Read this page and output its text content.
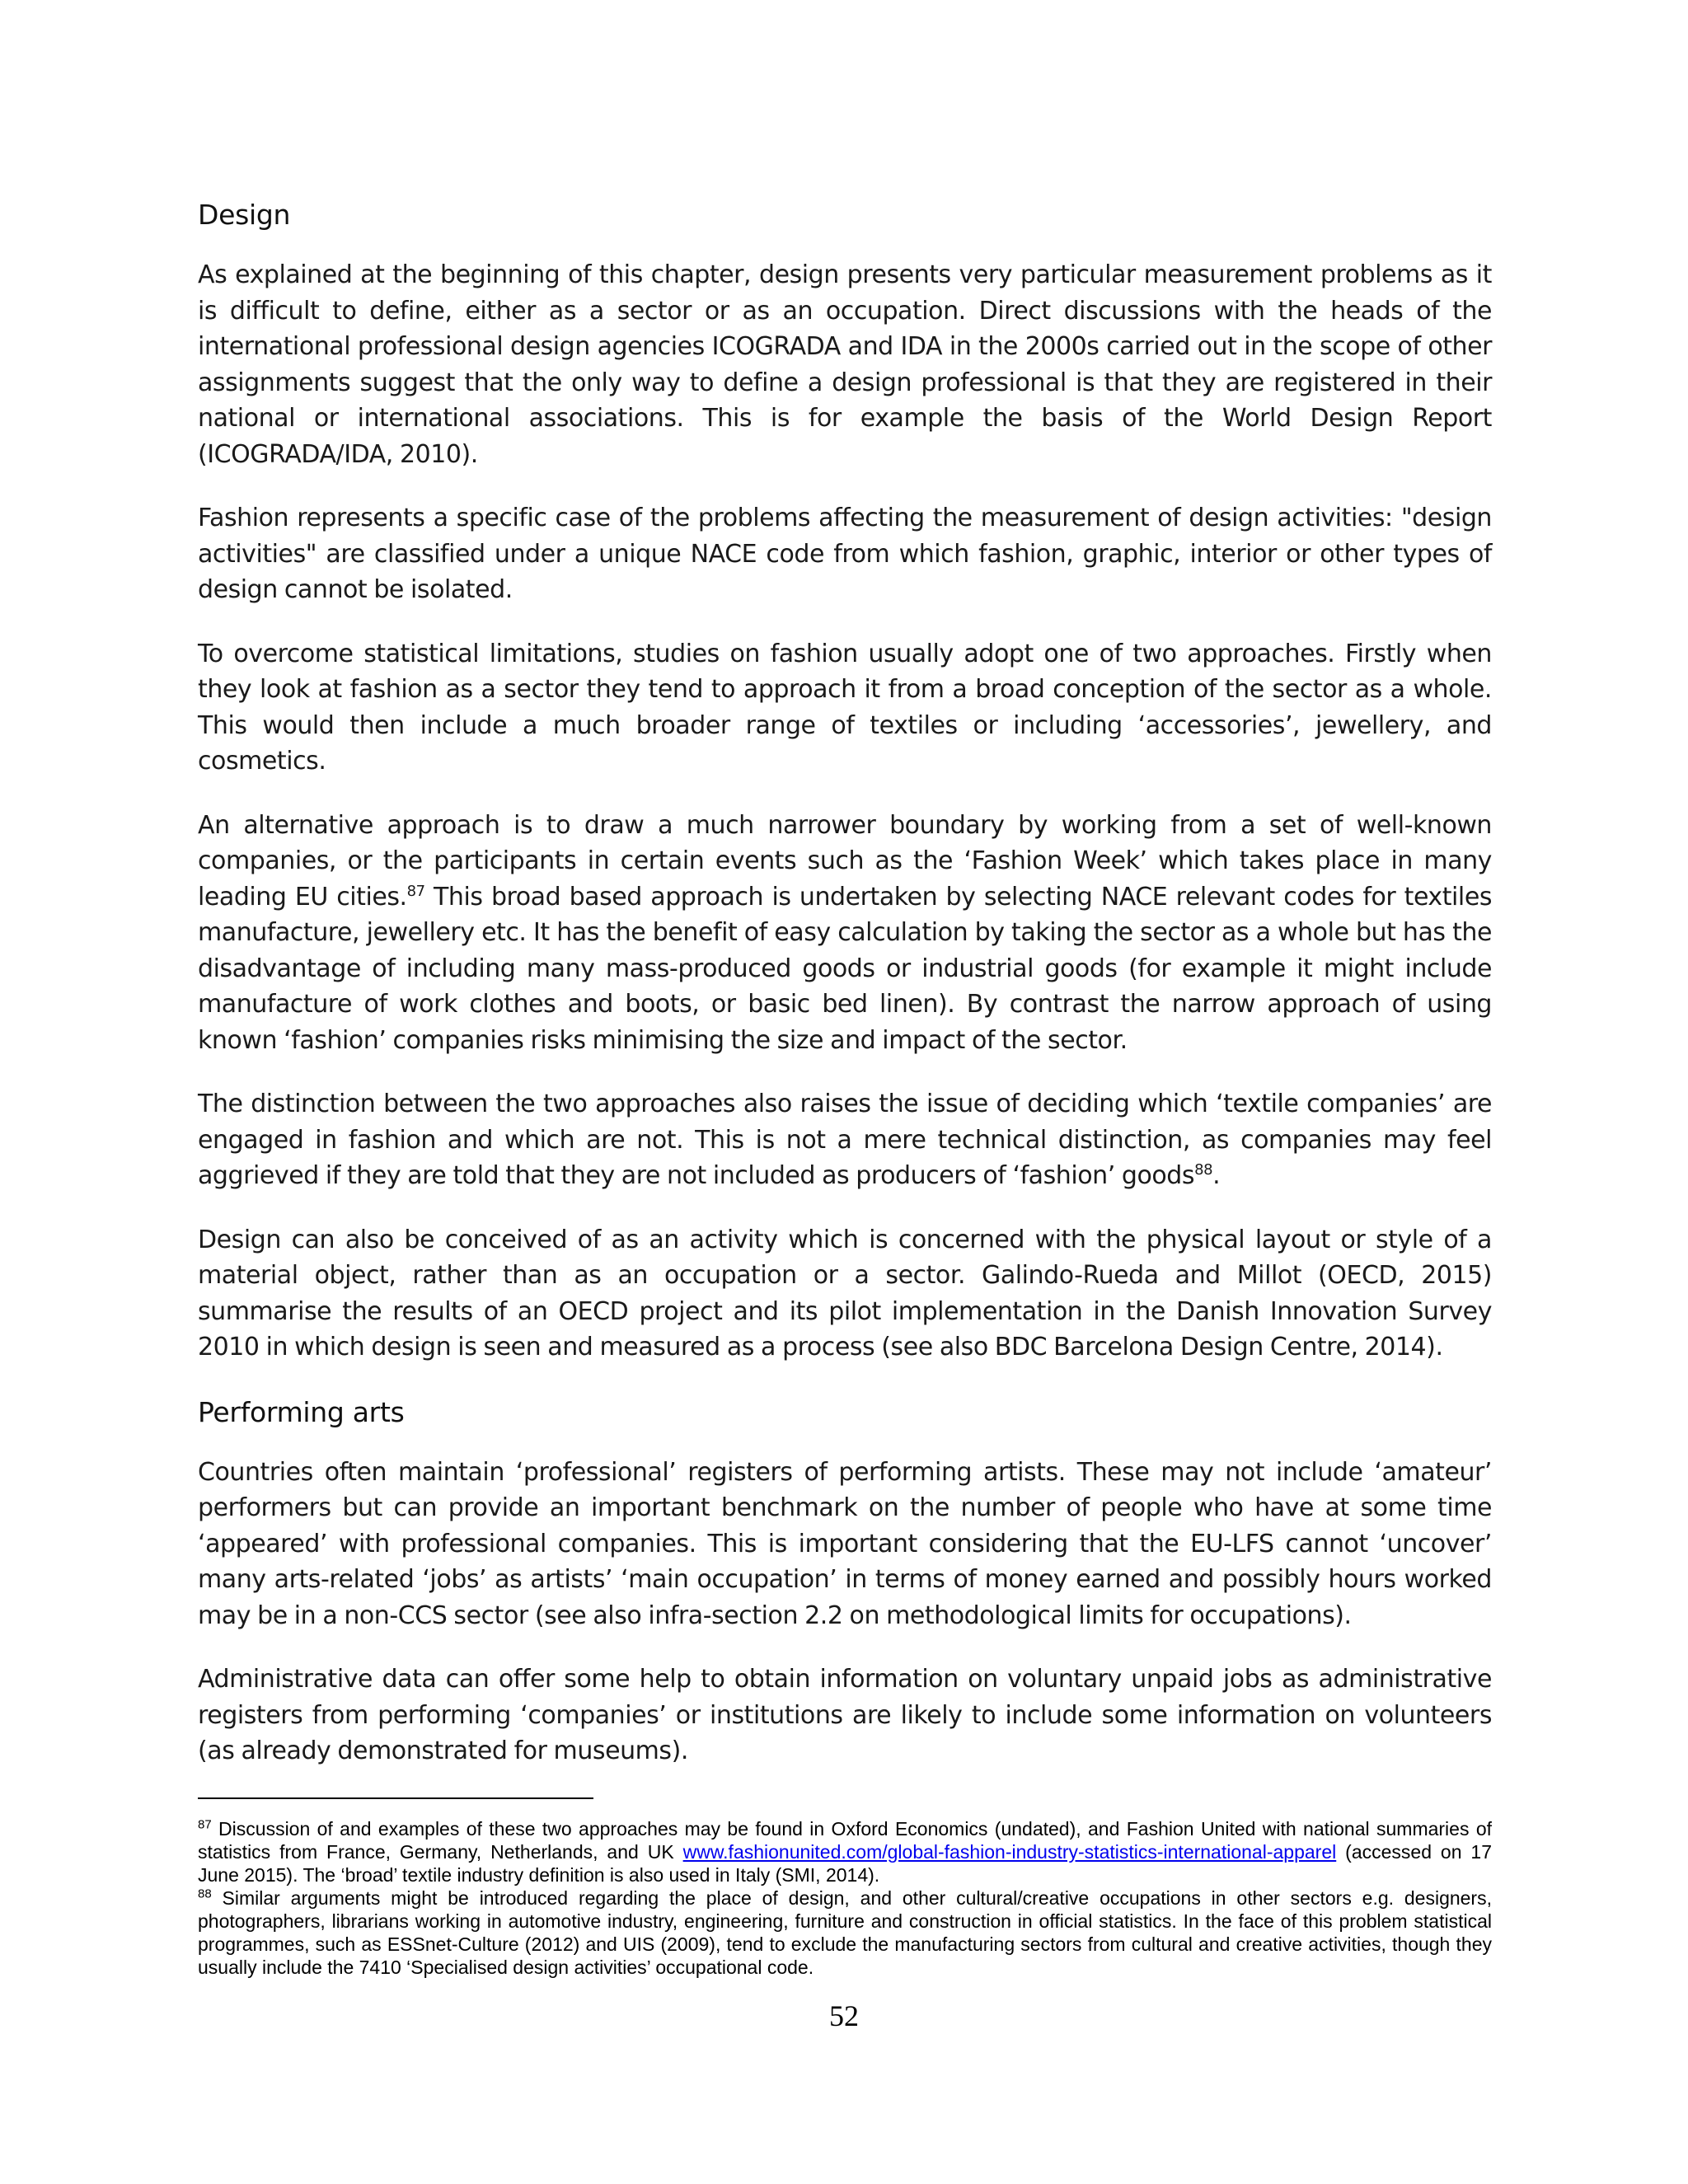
Design

As explained at the beginning of this chapter, design presents very particular measurement problems as it is difficult to define, either as a sector or as an occupation. Direct discussions with the heads of the international professional design agencies ICOGRADA and IDA in the 2000s carried out in the scope of other assignments suggest that the only way to define a design professional is that they are registered in their national or international associations. This is for example the basis of the World Design Report (ICOGRADA/IDA, 2010).

Fashion represents a specific case of the problems affecting the measurement of design activities: "design activities" are classified under a unique NACE code from which fashion, graphic, interior or other types of design cannot be isolated.

To overcome statistical limitations, studies on fashion usually adopt one of two approaches. Firstly when they look at fashion as a sector they tend to approach it from a broad conception of the sector as a whole. This would then include a much broader range of textiles or including ‘accessories’, jewellery, and cosmetics.

An alternative approach is to draw a much narrower boundary by working from a set of well-known companies, or the participants in certain events such as the ‘Fashion Week’ which takes place in many leading EU cities.$^{87}$ This broad based approach is undertaken by selecting NACE relevant codes for textiles manufacture, jewellery etc. It has the benefit of easy calculation by taking the sector as a whole but has the disadvantage of including many mass-produced goods or industrial goods (for example it might include manufacture of work clothes and boots, or basic bed linen). By contrast the narrow approach of using known ‘fashion’ companies risks minimising the size and impact of the sector.

The distinction between the two approaches also raises the issue of deciding which ‘textile companies’ are engaged in fashion and which are not. This is not a mere technical distinction, as companies may feel aggrieved if they are told that they are not included as producers of ‘fashion’ goods$^{88}$.

Design can also be conceived of as an activity which is concerned with the physical layout or style of a material object, rather than as an occupation or a sector. Galindo-Rueda and Millot (OECD, 2015) summarise the results of an OECD project and its pilot implementation in the Danish Innovation Survey 2010 in which design is seen and measured as a process (see also BDC Barcelona Design Centre, 2014).

Performing arts

Countries often maintain ‘professional’ registers of performing artists. These may not include ‘amateur’ performers but can provide an important benchmark on the number of people who have at some time ‘appeared’ with professional companies. This is important considering that the EU-LFS cannot ‘uncover’ many arts-related ‘jobs’ as artists’ ‘main occupation’ in terms of money earned and possibly hours worked may be in a non-CCS sector (see also infra-section 2.2 on methodological limits for occupations).

Administrative data can offer some help to obtain information on voluntary unpaid jobs as administrative registers from performing ‘companies’ or institutions are likely to include some information on volunteers (as already demonstrated for museums).

$^{87}$ Discussion of and examples of these two approaches may be found in Oxford Economics (undated), and Fashion United with national summaries of statistics from France, Germany, Netherlands, and UK www.fashionunited.com/global-fashion-industry-statistics-international-apparel (accessed on 17 June 2015). The ‘broad’ textile industry definition is also used in Italy (SMI, 2014).

$^{88}$ Similar arguments might be introduced regarding the place of design, and other cultural/creative occupations in other sectors e.g. designers, photographers, librarians working in automotive industry, engineering, furniture and construction in official statistics. In the face of this problem statistical programmes, such as ESSnet-Culture (2012) and UIS (2009), tend to exclude the manufacturing sectors from cultural and creative activities, though they usually include the 7410 ‘Specialised design activities’ occupational code.

52
